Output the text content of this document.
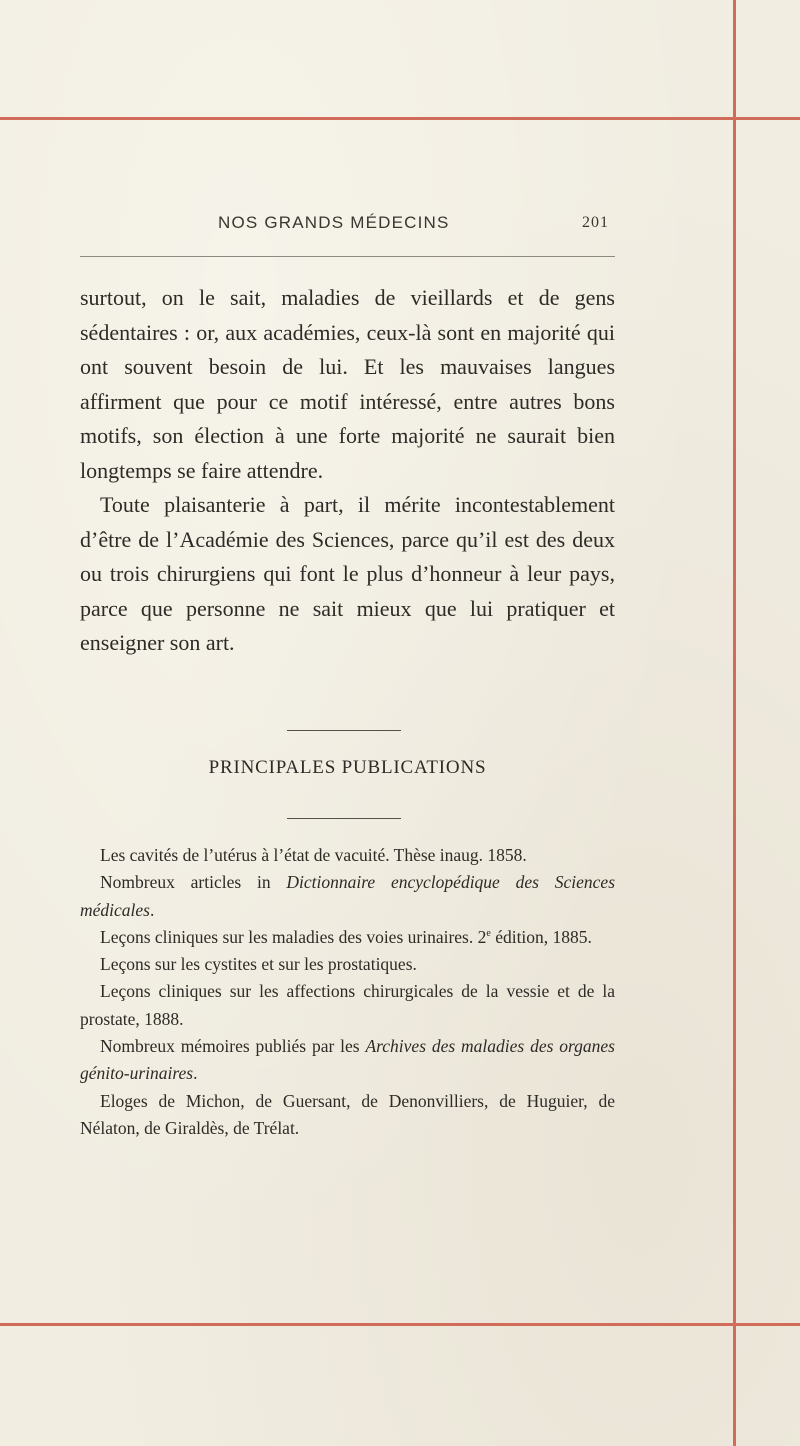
NOS GRANDS MÉDECINS	201

surtout, on le sait, maladies de vieillards et de gens sédentaires : or, aux académies, ceux-là sont en majorité qui ont souvent besoin de lui. Et les mauvaises langues affirment que pour ce motif intéressé, entre autres bons motifs, son élection à une forte majorité ne saurait bien longtemps se faire attendre.

Toute plaisanterie à part, il mérite incontestablement d’être de l’Académie des Sciences, parce qu’il est des deux ou trois chirurgiens qui font le plus d’honneur à leur pays, parce que personne ne sait mieux que lui pratiquer et enseigner son art.

PRINCIPALES PUBLICATIONS

Les cavités de l’utérus à l’état de vacuité. Thèse inaug. 1858.

Nombreux articles in Dictionnaire encyclopédique des Sciences médicales.

Leçons cliniques sur les maladies des voies urinaires. 2e édition, 1885.

Leçons sur les cystites et sur les prostatiques.

Leçons cliniques sur les affections chirurgicales de la vessie et de la prostate, 1888.

Nombreux mémoires publiés par les Archives des maladies des organes génito-urinaires.

Eloges de Michon, de Guersant, de Denonvilliers, de Huguier, de Nélaton, de Giraldès, de Trélat.
